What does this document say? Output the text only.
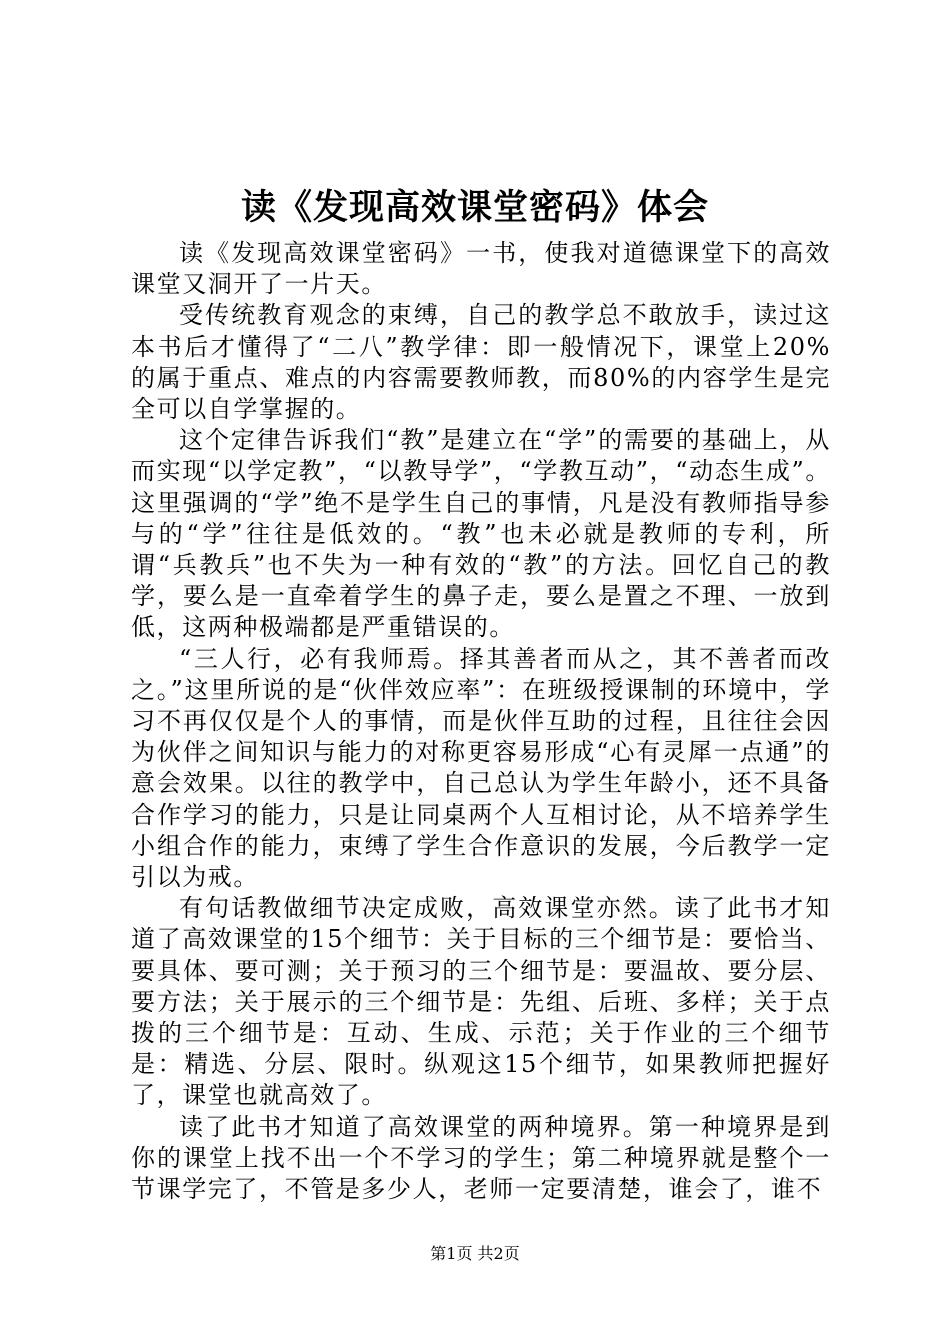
读《发现高效课堂密码》体会

读《发现高效课堂密码》一书，使我对道德课堂下的高效课堂又洞开了一片天。

受传统教育观念的束缚，自己的教学总不敢放手，读过这本书后才懂得了“二八”教学律：即一般情况下，课堂上20%的属于重点、难点的内容需要教师教，而80%的内容学生是完全可以自学掌握的。

这个定律告诉我们“教”是建立在“学”的需要的基础上，从而实现“以学定教”，“以教导学”，“学教互动”，“动态生成”。这里强调的“学”绝不是学生自己的事情，凡是没有教师指导参与的“学”往往是低效的。“教”也未必就是教师的专利，所谓“兵教兵”也不失为一种有效的“教”的方法。回忆自己的教学，要么是一直牵着学生的鼻子走，要么是置之不理、一放到低，这两种极端都是严重错误的。

“三人行，必有我师焉。择其善者而从之，其不善者而改之。”这里所说的是“伙伴效应率”：在班级授课制的环境中，学习不再仅仅是个人的事情，而是伙伴互助的过程，且往往会因为伙伴之间知识与能力的对称更容易形成“心有灵犀一点通”的意会效果。以往的教学中，自己总认为学生年龄小，还不具备合作学习的能力，只是让同桌两个人互相讨论，从不培养学生小组合作的能力，束缚了学生合作意识的发展，今后教学一定引以为戒。

有句话教做细节决定成败，高效课堂亦然。读了此书才知道了高效课堂的15个细节：关于目标的三个细节是：要恰当、要具体、要可测；关于预习的三个细节是：要温故、要分层、要方法；关于展示的三个细节是：先组、后班、多样；关于点拨的三个细节是：互动、生成、示范；关于作业的三个细节是：精选、分层、限时。纵观这15个细节，如果教师把握好了，课堂也就高效了。

读了此书才知道了高效课堂的两种境界。第一种境界是到你的课堂上找不出一个不学习的学生；第二种境界就是整个一节课学完了，不管是多少人，老师一定要清楚，谁会了，谁不

第1页 共2页
